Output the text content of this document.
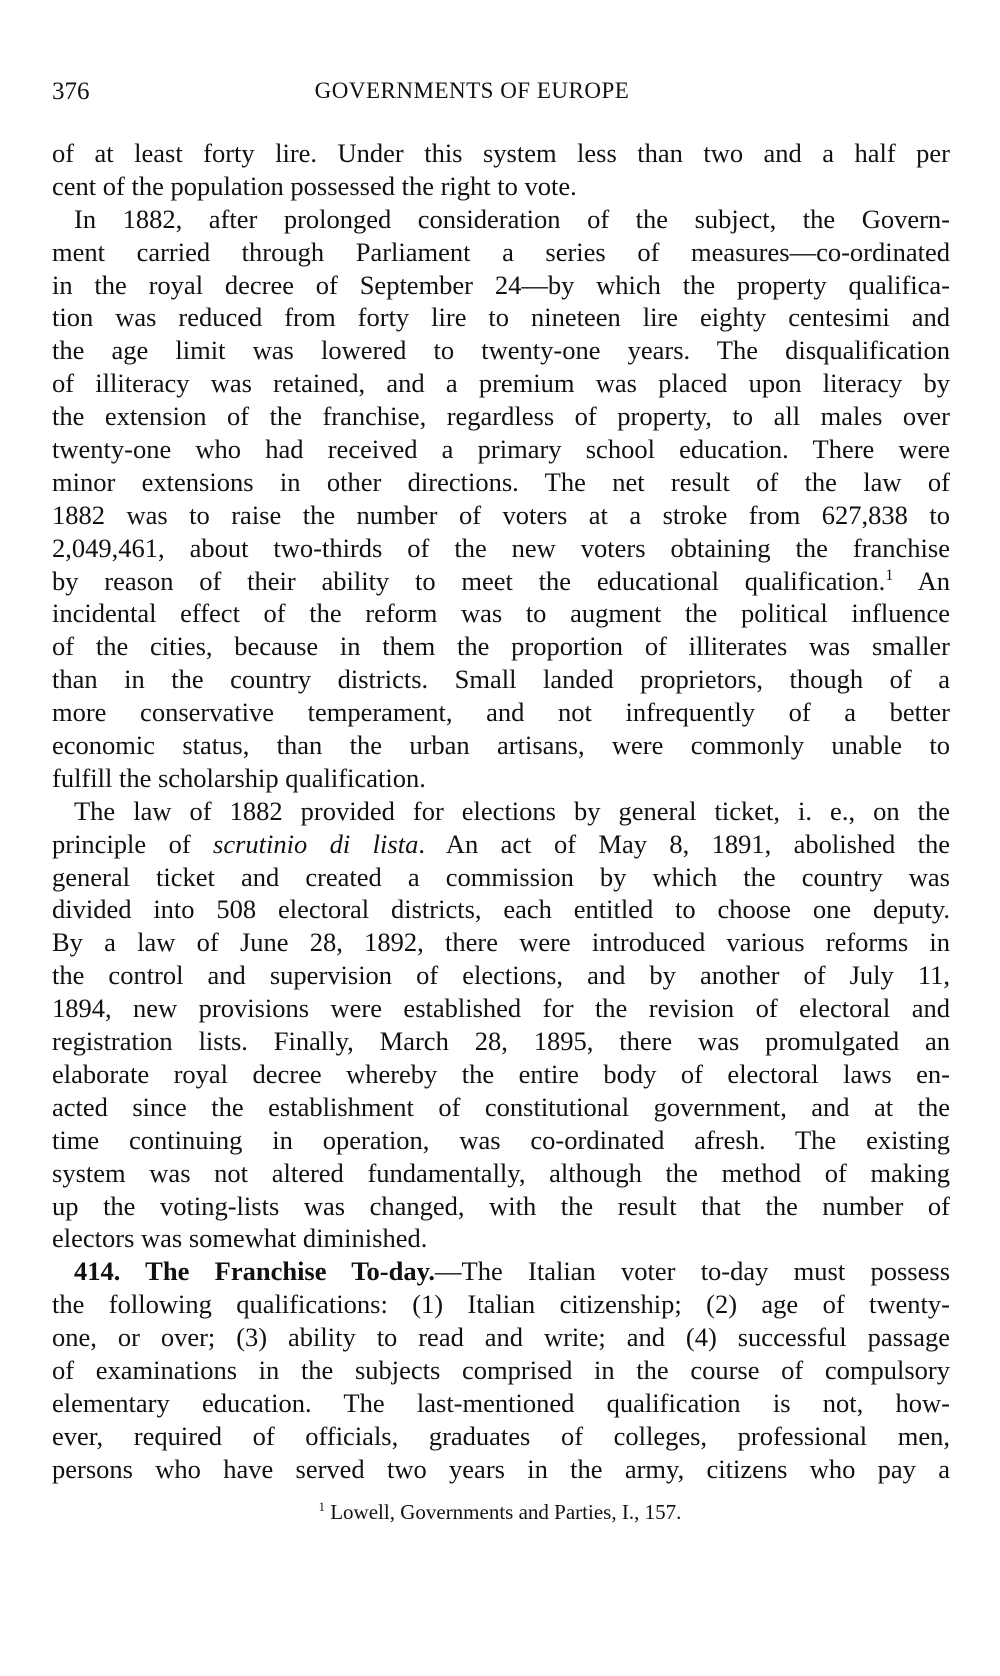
376	GOVERNMENTS OF EUROPE
of at least forty lire. Under this system less than two and a half per
cent of the population possessed the right to vote.
In 1882, after prolonged consideration of the subject, the Govern-
ment carried through Parliament a series of measures—co-ordinated
in the royal decree of September 24—by which the property qualifica-
tion was reduced from forty lire to nineteen lire eighty centesimi and
the age limit was lowered to twenty-one years. The disqualification
of illiteracy was retained, and a premium was placed upon literacy by
the extension of the franchise, regardless of property, to all males over
twenty-one who had received a primary school education. There were
minor extensions in other directions. The net result of the law of
1882 was to raise the number of voters at a stroke from 627,838 to
2,049,461, about two-thirds of the new voters obtaining the franchise
by reason of their ability to meet the educational qualification.$^1$ An
incidental effect of the reform was to augment the political influence
of the cities, because in them the proportion of illiterates was smaller
than in the country districts. Small landed proprietors, though of a
more conservative temperament, and not infrequently of a better
economic status, than the urban artisans, were commonly unable to
fulfill the scholarship qualification.
The law of 1882 provided for elections by general ticket, i. e., on the
principle of scrutinio di lista. An act of May 8, 1891, abolished the
general ticket and created a commission by which the country was
divided into 508 electoral districts, each entitled to choose one deputy.
By a law of June 28, 1892, there were introduced various reforms in
the control and supervision of elections, and by another of July 11,
1894, new provisions were established for the revision of electoral and
registration lists. Finally, March 28, 1895, there was promulgated an
elaborate royal decree whereby the entire body of electoral laws en-
acted since the establishment of constitutional government, and at the
time continuing in operation, was co-ordinated afresh. The existing
system was not altered fundamentally, although the method of making
up the voting-lists was changed, with the result that the number of
electors was somewhat diminished.
414. The Franchise To-day.—The Italian voter to-day must possess
the following qualifications: (1) Italian citizenship; (2) age of twenty-
one, or over; (3) ability to read and write; and (4) successful passage
of examinations in the subjects comprised in the course of compulsory
elementary education. The last-mentioned qualification is not, how-
ever, required of officials, graduates of colleges, professional men,
persons who have served two years in the army, citizens who pay a
$^1$ Lowell, Governments and Parties, I., 157.
